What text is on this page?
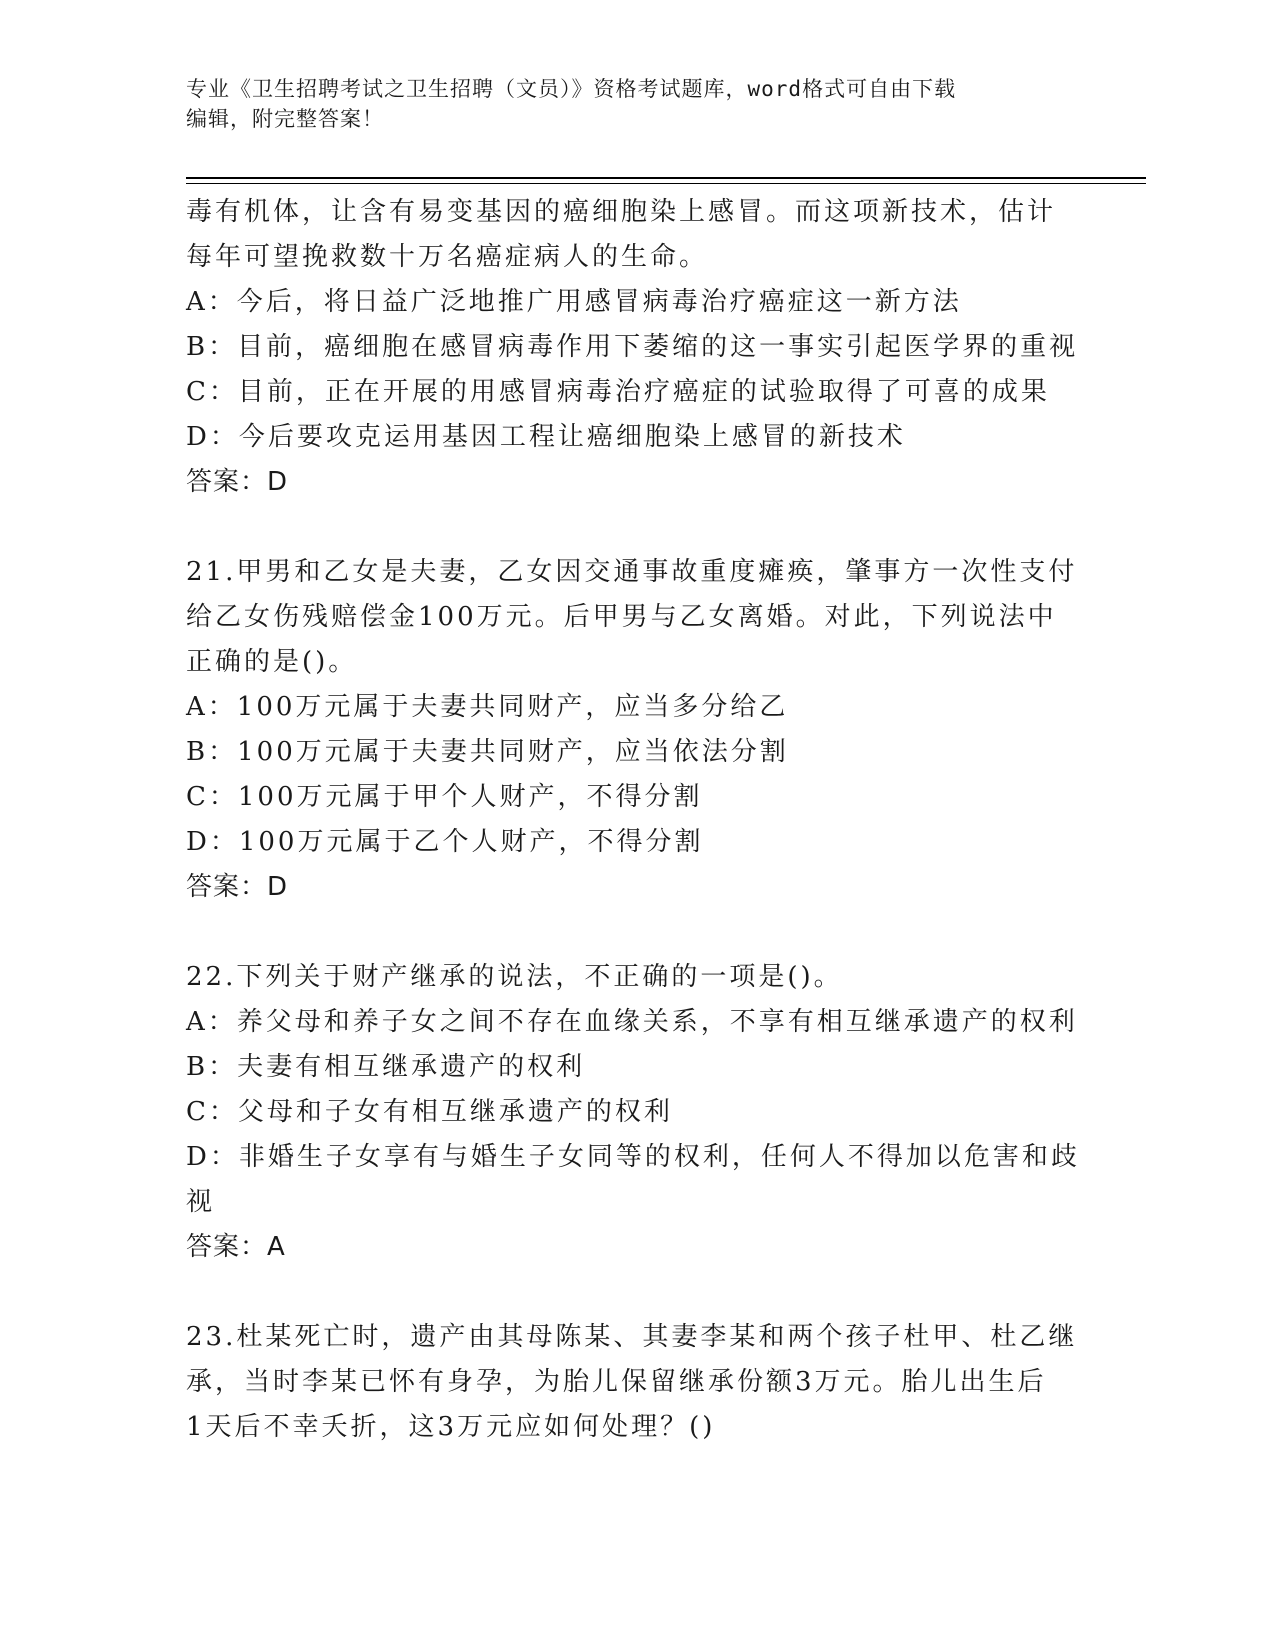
专业《卫生招聘考试之卫生招聘（文员）》资格考试题库，word格式可自由下载
编辑，附完整答案！
毒有机体，让含有易变基因的癌细胞染上感冒。而这项新技术，估计
每年可望挽救数十万名癌症病人的生命。
A：今后，将日益广泛地推广用感冒病毒治疗癌症这一新方法
B：目前，癌细胞在感冒病毒作用下萎缩的这一事实引起医学界的重视
C：目前，正在开展的用感冒病毒治疗癌症的试验取得了可喜的成果
D：今后要攻克运用基因工程让癌细胞染上感冒的新技术
答案：D
21.甲男和乙女是夫妻，乙女因交通事故重度瘫痪，肇事方一次性支付
给乙女伤残赔偿金100万元。后甲男与乙女离婚。对此，下列说法中
正确的是()。
A：100万元属于夫妻共同财产，应当多分给乙
B：100万元属于夫妻共同财产，应当依法分割
C：100万元属于甲个人财产，不得分割
D：100万元属于乙个人财产，不得分割
答案：D
22.下列关于财产继承的说法，不正确的一项是()。
A：养父母和养子女之间不存在血缘关系，不享有相互继承遗产的权利
B：夫妻有相互继承遗产的权利
C：父母和子女有相互继承遗产的权利
D：非婚生子女享有与婚生子女同等的权利，任何人不得加以危害和歧
视
答案：A
23.杜某死亡时，遗产由其母陈某、其妻李某和两个孩子杜甲、杜乙继
承，当时李某已怀有身孕，为胎儿保留继承份额3万元。胎儿出生后
1天后不幸夭折，这3万元应如何处理？()
